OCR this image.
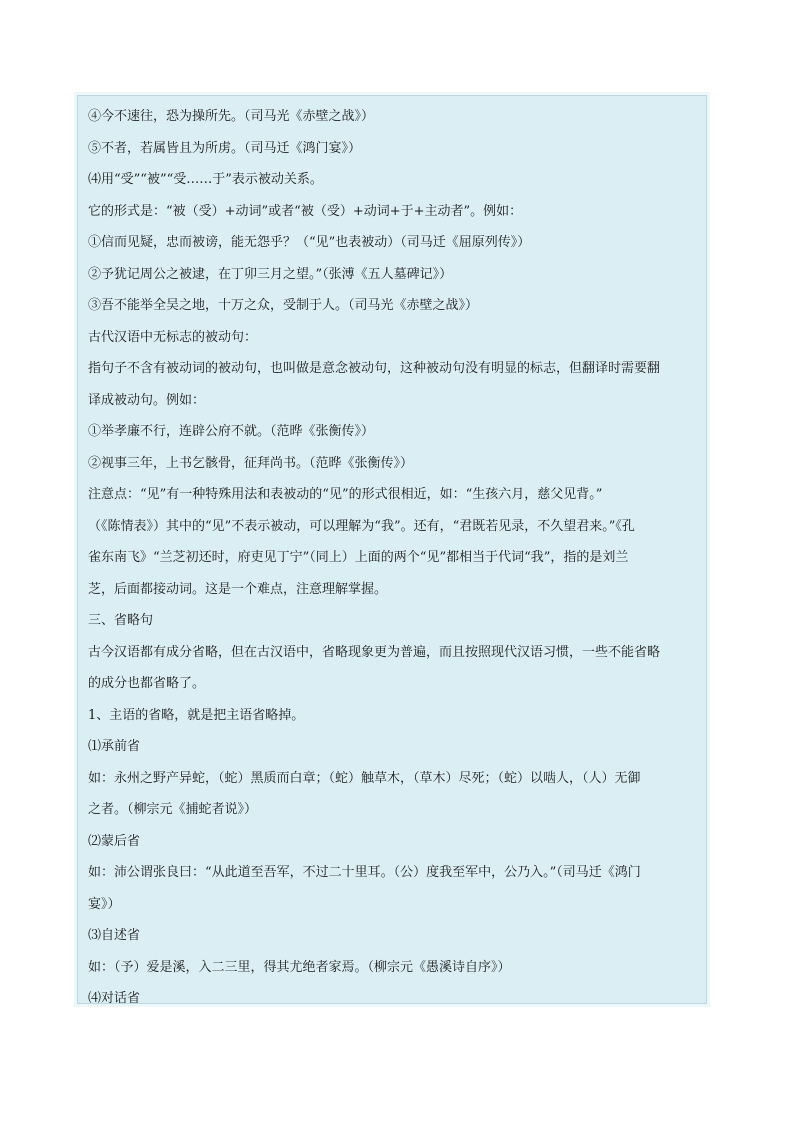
④今不速往，恐为操所先。（司马光《赤壁之战》）
⑤不者，若属皆且为所虏。（司马迁《鸿门宴》）
⑷用“受”“被”“受……于”表示被动关系。
它的形式是：“被（受）+动词”或者“被（受）+动词+于+主动者”。例如：
①信而见疑，忠而被谤，能无怨乎？（“见”也表被动）（司马迁《屈原列传》）
②予犹记周公之被逮，在丁卯三月之望。”（张溥《五人墓碑记》）
③吾不能举全吴之地，十万之众，受制于人。（司马光《赤壁之战》）
古代汉语中无标志的被动句：
指句子不含有被动词的被动句，也叫做是意念被动句，这种被动句没有明显的标志，但翻译时需要翻
译成被动句。例如：
①举孝廉不行，连辟公府不就。（范晔《张衡传》）
②视事三年，上书乞骸骨，征拜尚书。（范晔《张衡传》）
注意点：“见”有一种特殊用法和表被动的“见”的形式很相近，如：“生孩六月，慈父见背。”
（《陈情表》）其中的“见”不表示被动，可以理解为“我”。还有，“君既若见录，不久望君来。”《孔
雀东南飞》“兰芝初还时，府吏见丁宁”（同上）上面的两个“见”都相当于代词“我”，指的是刘兰
芝，后面都接动词。这是一个难点，注意理解掌握。
三、省略句
古今汉语都有成分省略，但在古汉语中，省略现象更为普遍，而且按照现代汉语习惯，一些不能省略
的成分也都省略了。
1、主语的省略，就是把主语省略掉。
⑴承前省
如：永州之野产异蛇，（蛇）黑质而白章；（蛇）触草木，（草木）尽死；（蛇）以啮人，（人）无御
之者。（柳宗元《捕蛇者说》）
⑵蒙后省
如：沛公谓张良曰：“从此道至吾军，不过二十里耳。（公）度我至军中，公乃入。”（司马迁《鸿门
宴》）
⑶自述省
如：（予）爱是溪，入二三里，得其尤绝者家焉。（柳宗元《愚溪诗自序》）
⑷对话省
